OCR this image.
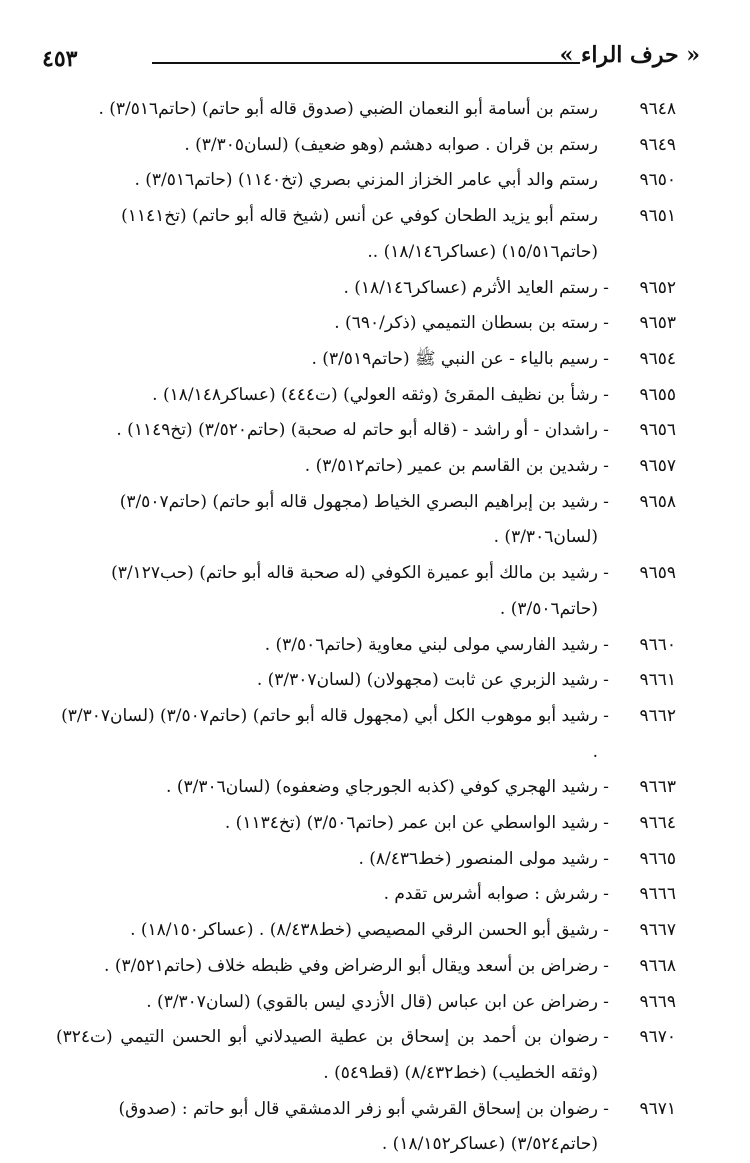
٤٥٣	« حرف الراء »
٩٦٤٨
رستم بن أسامة أبو النعمان الضبي (صدوق قاله أبو حاتم) (حاتم٣/٥١٦) .
٩٦٤٩
رستم بن قران . صوابه دهشم (وهو ضعيف) (لسان٣/٣٠٥) .
٩٦٥٠
رستم والد أبي عامر الخزاز المزني بصري (تخ١١٤٠) (حاتم٣/٥١٦) .
٩٦٥١
رستم أبو يزيد الطحان كوفي عن أنس (شيخ قاله أبو حاتم) (تخ١١٤١) (حاتم١٥/٥١٦) (عساكر١٨/١٤٦) ..
٩٦٥٢
-
رستم العايد الأثرم (عساكر١٨/١٤٦) .
٩٦٥٣
-
رسته بن بسطان التميمي (ذكر/٦٩٠) .
٩٦٥٤
-
رسيم بالياء - عن النبي ﷺ (حاتم٣/٥١٩) .
٩٦٥٥
-
رشأ بن نظيف المقرئ (وثقه العولي) (ت٤٤٤) (عساكر١٨/١٤٨) .
٩٦٥٦
-
راشدان - أو راشد - (قاله أبو حاتم له صحبة) (حاتم٣/٥٢٠) (تخ١١٤٩) .
٩٦٥٧
-
رشدين بن القاسم بن عمير (حاتم٣/٥١٢) .
٩٦٥٨
-
رشيد بن إبراهيم البصري الخياط (مجهول قاله أبو حاتم) (حاتم٣/٥٠٧) (لسان٣/٣٠٦) .
٩٦٥٩
-
رشيد بن مالك أبو عميرة الكوفي (له صحبة قاله أبو حاتم) (حب٣/١٢٧) (حاتم٣/٥٠٦) .
٩٦٦٠
-
رشيد الفارسي مولى لبني معاوية (حاتم٣/٥٠٦) .
٩٦٦١
-
رشيد الزبري عن ثابت (مجهولان) (لسان٣/٣٠٧) .
٩٦٦٢
-
رشيد أبو موهوب الكل أبي (مجهول قاله أبو حاتم) (حاتم٣/٥٠٧) (لسان٣/٣٠٧) .
٩٦٦٣
-
رشيد الهجري كوفي (كذبه الجورجاي وضعفوه) (لسان٣/٣٠٦) .
٩٦٦٤
-
رشيد الواسطي عن ابن عمر (حاتم٣/٥٠٦) (تخ١١٣٤) .
٩٦٦٥
-
رشيد مولى المنصور (خط٨/٤٣٦) .
٩٦٦٦
-
رشرش : صوابه أشرس تقدم .
٩٦٦٧
-
رشيق أبو الحسن الرقي المصيصي (خط٨/٤٣٨) . (عساكر١٨/١٥٠) .
٩٦٦٨
-
رضراض بن أسعد ويقال أبو الرضراض وفي ظبطه خلاف (حاتم٣/٥٢١) .
٩٦٦٩
-
رضراض عن ابن عباس (قال الأزدي ليس بالقوي) (لسان٣/٣٠٧) .
٩٦٧٠
-
رضوان بن أحمد بن إسحاق بن عطية الصيدلاني أبو الحسن التيمي (ت٣٢٤) (وثقه الخطيب) (خط٨/٤٣٢) (قط٥٤٩) .
٩٦٧١
-
رضوان بن إسحاق القرشي أبو زفر الدمشقي قال أبو حاتم : (صدوق) (حاتم٣/٥٢٤) (عساكر١٨/١٥٢) .
